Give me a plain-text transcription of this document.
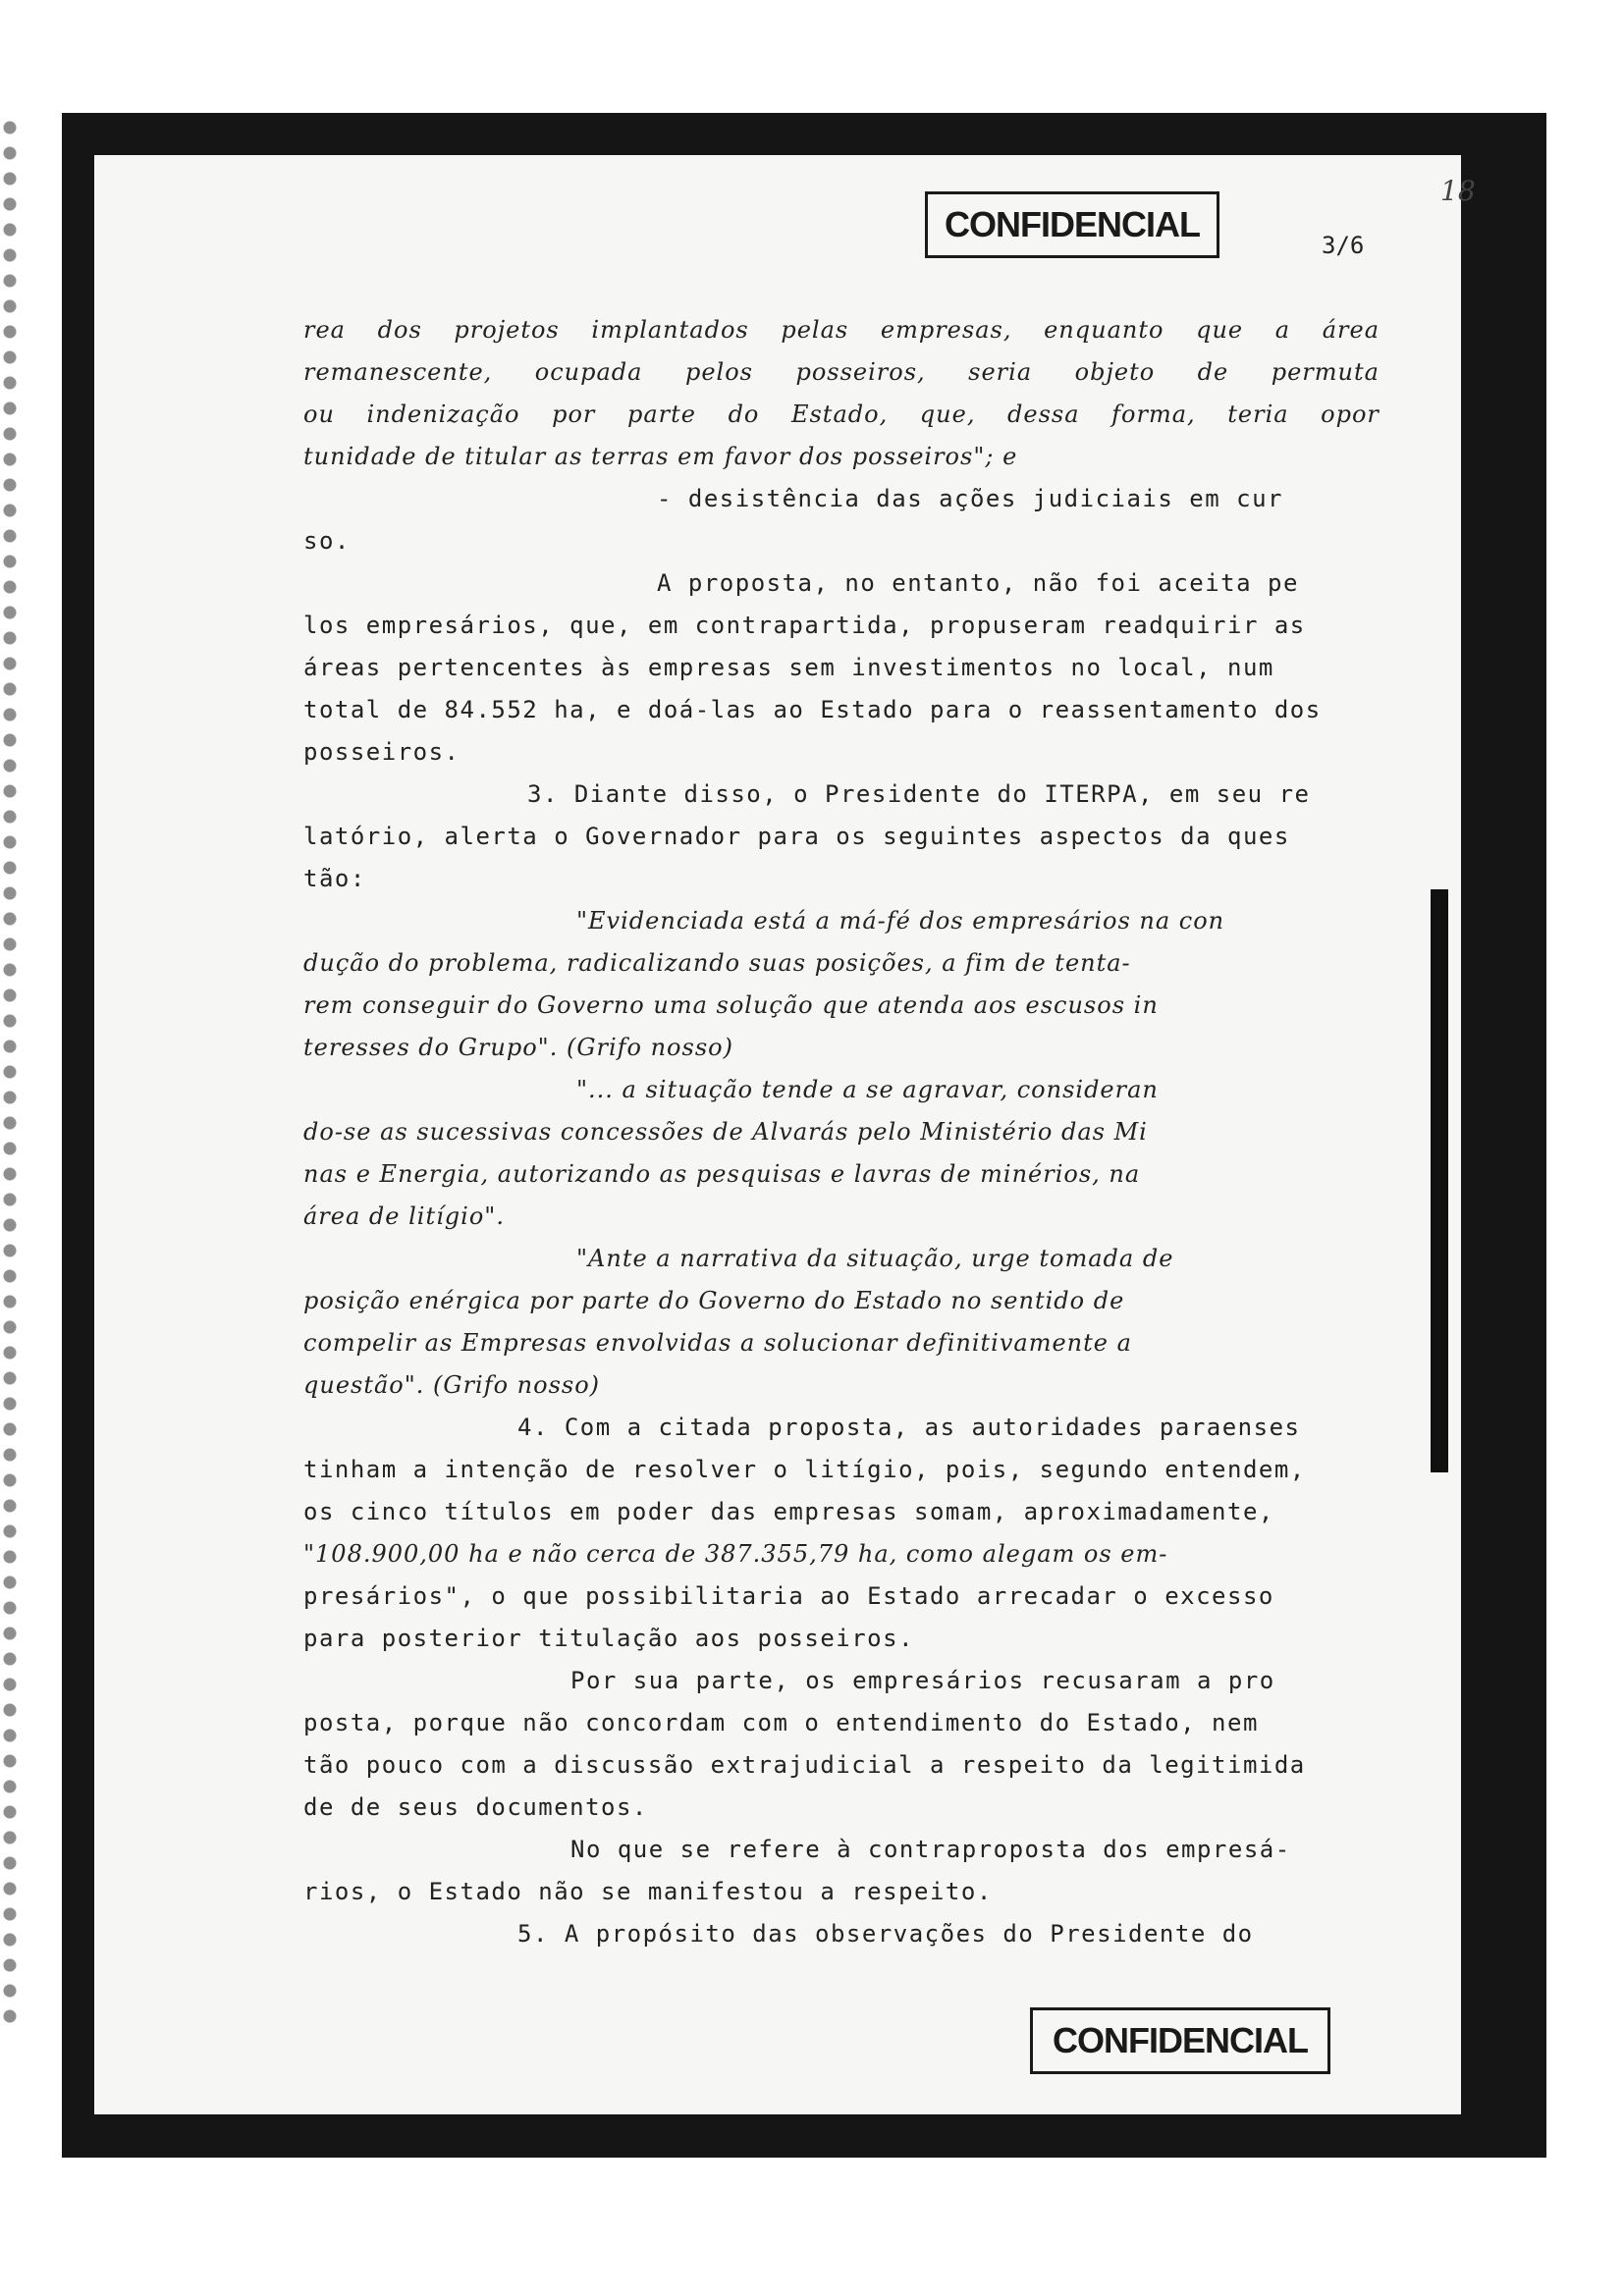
18
CONFIDENCIAL
3/6
rea dos projetos implantados pelas empresas, enquanto que a área
remanescente, ocupada pelos posseiros, seria objeto de permuta
ou indenização por parte do Estado, que, dessa forma, teria opor
tunidade de titular as terras em favor dos posseiros"; e
- desistência das ações judiciais em cur
so.
A proposta, no entanto, não foi aceita pe
los empresários, que, em contrapartida, propuseram readquirir as
áreas pertencentes às empresas sem investimentos no local, num
total de 84.552 ha, e doá-las ao Estado para o reassentamento dos
posseiros.
3. Diante disso, o Presidente do ITERPA, em seu re
latório, alerta o Governador para os seguintes aspectos da ques
tão:
"Evidenciada está a má-fé dos empresários na con
dução do problema, radicalizando suas posições, a fim de tenta-
rem conseguir do Governo uma solução que atenda aos escusos in
teresses do Grupo". (Grifo nosso)
"... a situação tende a se agravar, consideran
do-se as sucessivas concessões de Alvarás pelo Ministério das Mi
nas e Energia, autorizando as pesquisas e lavras de minérios, na
área de litígio".
"Ante a narrativa da situação, urge tomada de
posição enérgica por parte do Governo do Estado no sentido de
compelir as Empresas envolvidas a solucionar definitivamente a
questão". (Grifo nosso)
4. Com a citada proposta, as autoridades paraenses
tinham a intenção de resolver o litígio, pois, segundo entendem,
os cinco títulos em poder das empresas somam, aproximadamente,
"108.900,00 ha e não cerca de 387.355,79 ha, como alegam os em-
presários", o que possibilitaria ao Estado arrecadar o excesso
para posterior titulação aos posseiros.
Por sua parte, os empresários recusaram a pro
posta, porque não concordam com o entendimento do Estado, nem
tão pouco com a discussão extrajudicial a respeito da legitimida
de de seus documentos.
No que se refere à contraproposta dos empresá-
rios, o Estado não se manifestou a respeito.
5. A propósito das observações do Presidente do
CONFIDENCIAL
